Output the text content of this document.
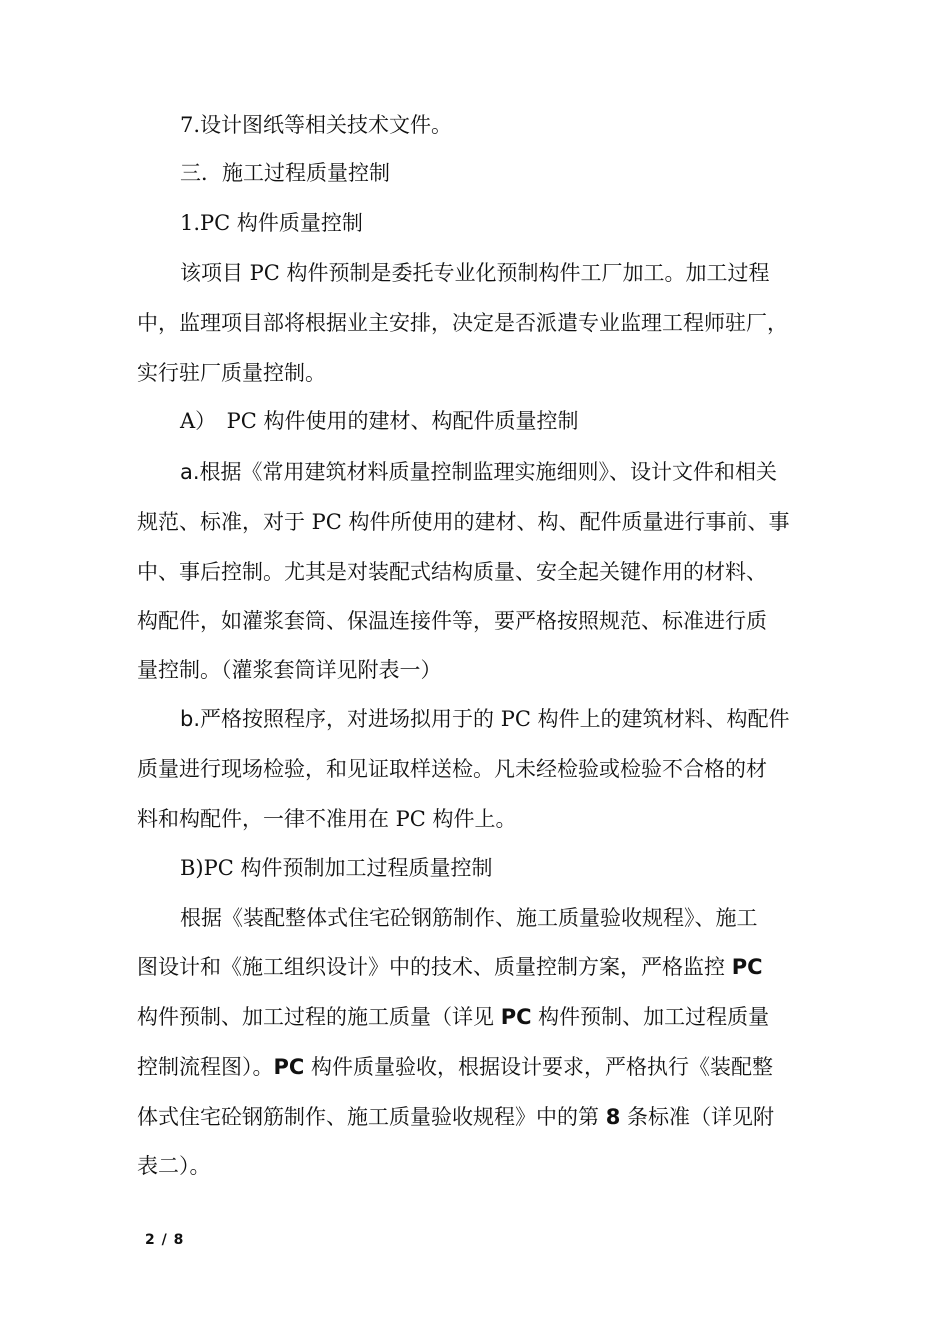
7.设计图纸等相关技术文件。
三．施工过程质量控制
1.PC 构件质量控制
该项目 PC 构件预制是委托专业化预制构件工厂加工。加工过程
中，监理项目部将根据业主安排，决定是否派遣专业监理工程师驻厂，
实行驻厂质量控制。
A）　PC 构件使用的建材、构配件质量控制
a.根据《常用建筑材料质量控制监理实施细则》、设计文件和相关
规范、标准，对于 PC 构件所使用的建材、构、配件质量进行事前、事
中、事后控制。尤其是对装配式结构质量、安全起关键作用的材料、
构配件，如灌浆套筒、保温连接件等，要严格按照规范、标准进行质
量控制。（灌浆套筒详见附表一）
b.严格按照程序，对进场拟用于的 PC 构件上的建筑材料、构配件
质量进行现场检验，和见证取样送检。凡未经检验或检验不合格的材
料和构配件，一律不准用在 PC 构件上。
B)PC 构件预制加工过程质量控制
根据《装配整体式住宅砼钢筋制作、施工质量验收规程》、施工
图设计和《施工组织设计》中的技术、质量控制方案，严格监控 PC
构件预制、加工过程的施工质量（详见 PC 构件预制、加工过程质量
控制流程图）。PC 构件质量验收，根据设计要求，严格执行《装配整
体式住宅砼钢筋制作、施工质量验收规程》中的第 8 条标准（详见附
表二）。
2 / 8
